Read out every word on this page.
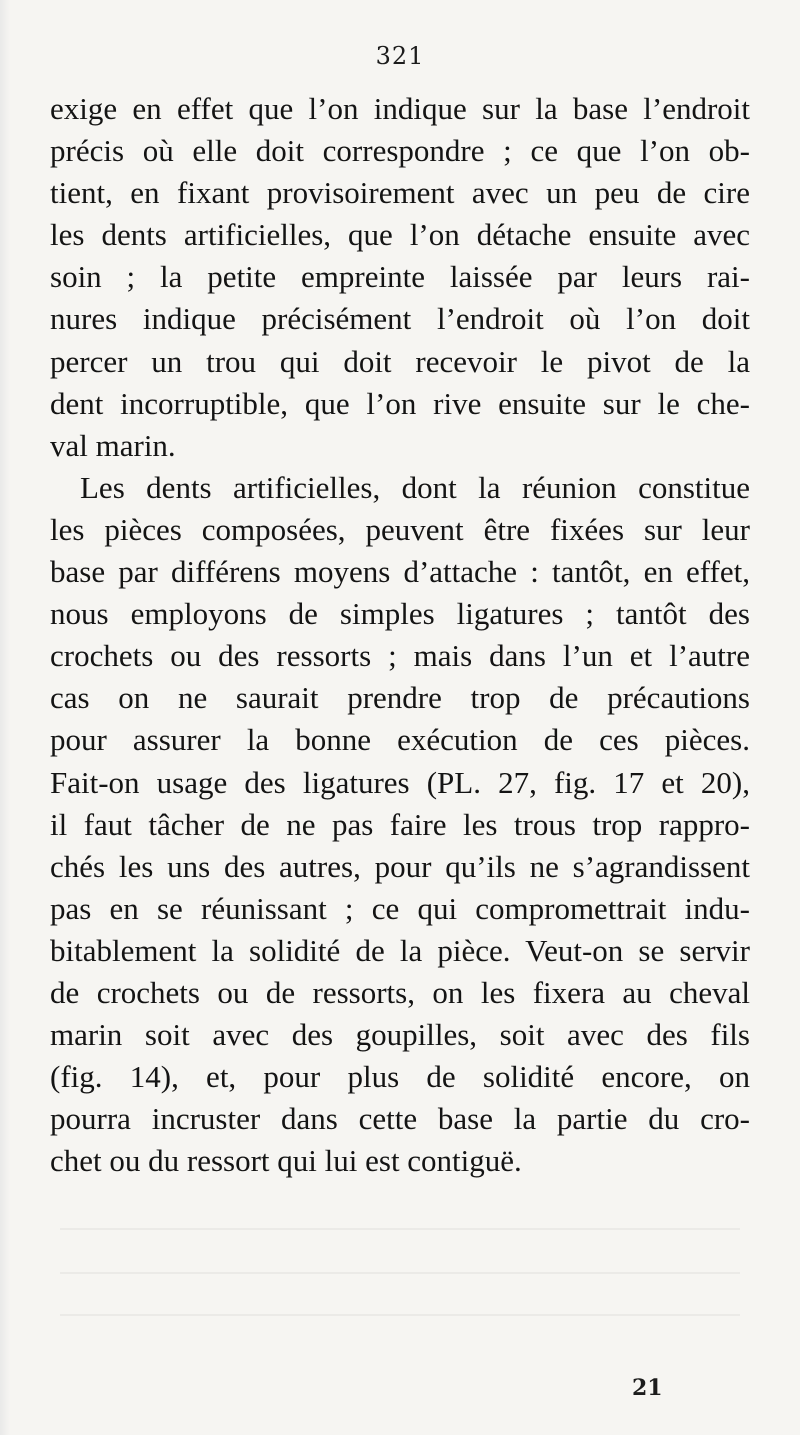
321
exige en effet que l’on indique sur la base l’endroit
précis où elle doit correspondre ; ce que l’on ob-
tient, en fixant provisoirement avec un peu de cire
les dents artificielles, que l’on détache ensuite avec
soin ; la petite empreinte laissée par leurs rai-
nures indique précisément l’endroit où l’on doit
percer un trou qui doit recevoir le pivot de la
dent incorruptible, que l’on rive ensuite sur le che-
val marin.
Les dents artificielles, dont la réunion constitue
les pièces composées, peuvent être fixées sur leur
base par différens moyens d’attache : tantôt, en effet,
nous employons de simples ligatures ; tantôt des
crochets ou des ressorts ; mais dans l’un et l’autre
cas on ne saurait prendre trop de précautions
pour assurer la bonne exécution de ces pièces.
Fait-on usage des ligatures (PL. 27, fig. 17 et 20),
il faut tâcher de ne pas faire les trous trop rappro-
chés les uns des autres, pour qu’ils ne s’agrandissent
pas en se réunissant ; ce qui compromettrait indu-
bitablement la solidité de la pièce. Veut-on se servir
de crochets ou de ressorts, on les fixera au cheval
marin soit avec des goupilles, soit avec des fils
(fig. 14), et, pour plus de solidité encore, on
pourra incruster dans cette base la partie du cro-
chet ou du ressort qui lui est contiguë.
21
